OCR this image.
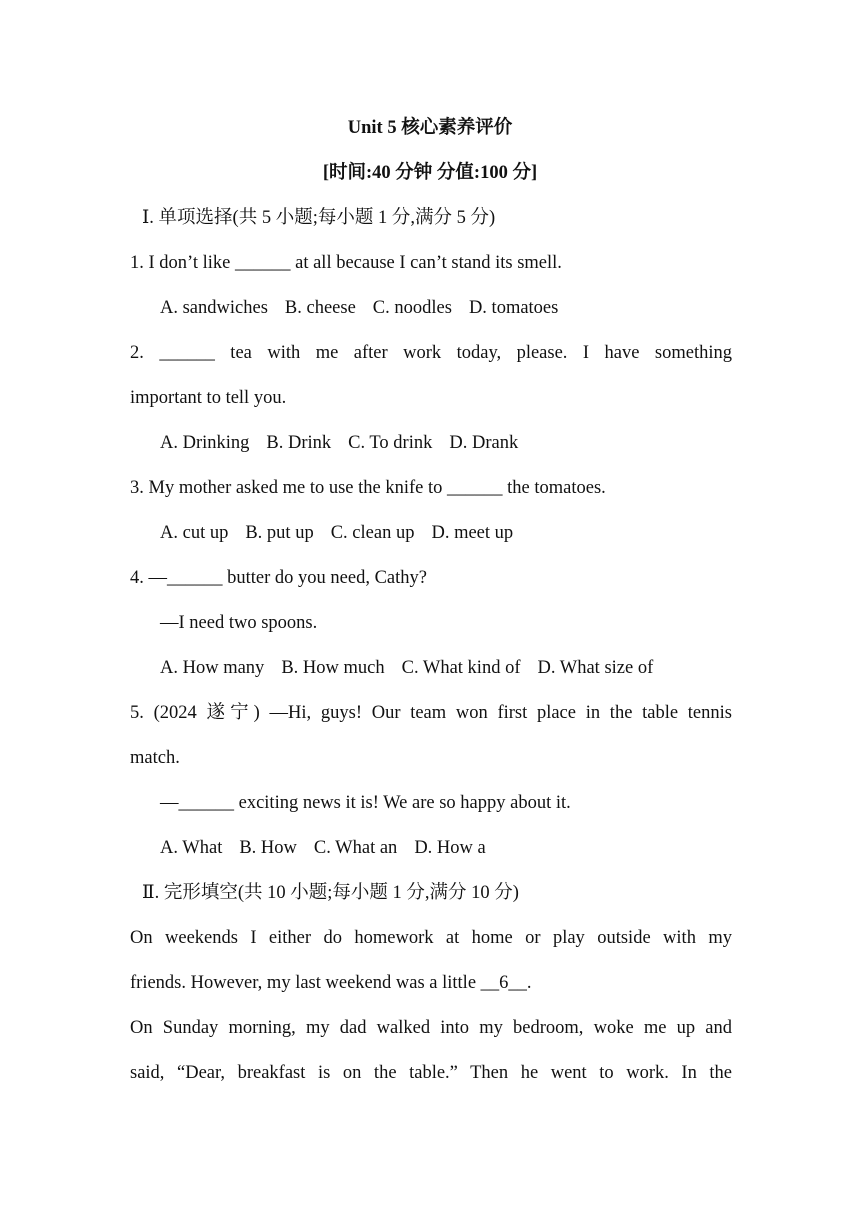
Unit 5 核心素养评价
[时间:40 分钟 分值:100 分]
Ⅰ. 单项选择(共 5 小题;每小题 1 分,满分 5 分)
1. I don’t like ______ at all because I can’t stand its smell.
A. sandwiches B. cheese C. noodles D. tomatoes
2. ______ tea with me after work today, please. I have something
important to tell you.
A. Drinking B. Drink C. To drink D. Drank
3. My mother asked me to use the knife to ______ the tomatoes.
A. cut up B. put up C. clean up D. meet up
4. —______ butter do you need, Cathy?
—I need two spoons.
A. How many B. How much C. What kind of D. What size of
5. (2024 遂宁) —Hi, guys! Our team won first place in the table tennis
match.
—______ exciting news it is! We are so happy about it.
A. What B. How C. What an D. How a
Ⅱ. 完形填空(共 10 小题;每小题 1 分,满分 10 分)
On weekends I either do homework at home or play outside with my
friends. However, my last weekend was a little __6__.
On Sunday morning, my dad walked into my bedroom, woke me up and
said, “Dear, breakfast is on the table.” Then he went to work. In the
